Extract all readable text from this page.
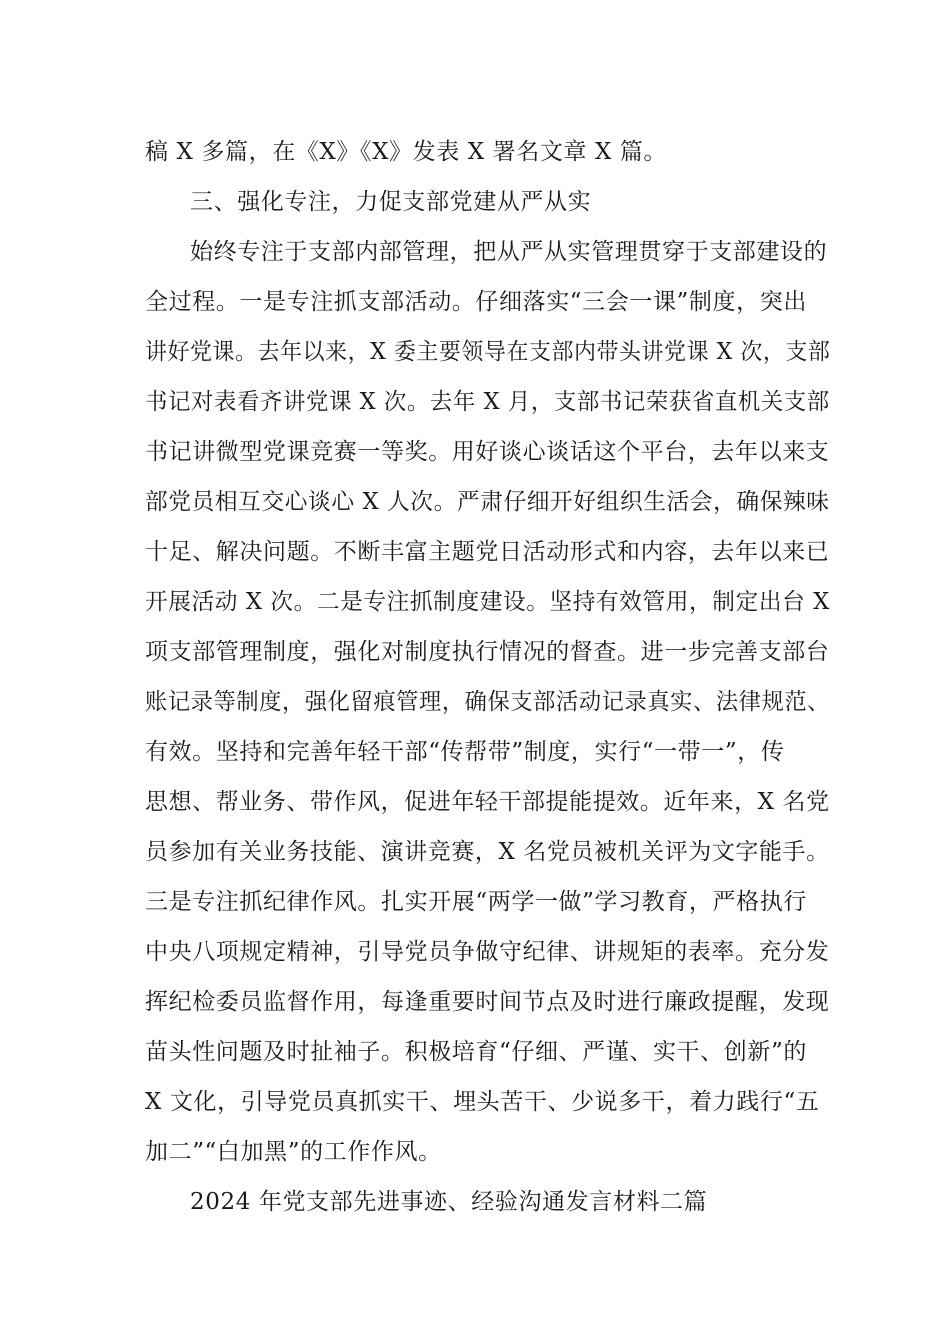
稿 X 多篇，在《X》《X》发表 X 署名文章 X 篇。
三、强化专注，力促支部党建从严从实
始终专注于支部内部管理，把从严从实管理贯穿于支部建设的
全过程。一是专注抓支部活动。仔细落实“三会一课”制度，突出
讲好党课。去年以来，X 委主要领导在支部内带头讲党课 X 次，支部
书记对表看齐讲党课 X 次。去年 X 月，支部书记荣获省直机关支部
书记讲微型党课竞赛一等奖。用好谈心谈话这个平台，去年以来支
部党员相互交心谈心 X 人次。严肃仔细开好组织生活会，确保辣味
十足、解决问题。不断丰富主题党日活动形式和内容，去年以来已
开展活动 X 次。二是专注抓制度建设。坚持有效管用，制定出台 X
项支部管理制度，强化对制度执行情况的督查。进一步完善支部台
账记录等制度，强化留痕管理，确保支部活动记录真实、法律规范、
有效。坚持和完善年轻干部“传帮带”制度，实行“一带一”，传
思想、帮业务、带作风，促进年轻干部提能提效。近年来，X 名党
员参加有关业务技能、演讲竞赛，X 名党员被机关评为文字能手。
三是专注抓纪律作风。扎实开展“两学一做”学习教育，严格执行
中央八项规定精神，引导党员争做守纪律、讲规矩的表率。充分发
挥纪检委员监督作用，每逢重要时间节点及时进行廉政提醒，发现
苗头性问题及时扯袖子。积极培育“仔细、严谨、实干、创新”的
X 文化，引导党员真抓实干、埋头苦干、少说多干，着力践行“五
加二”“白加黑”的工作作风。
2024 年党支部先进事迹、经验沟通发言材料二篇
